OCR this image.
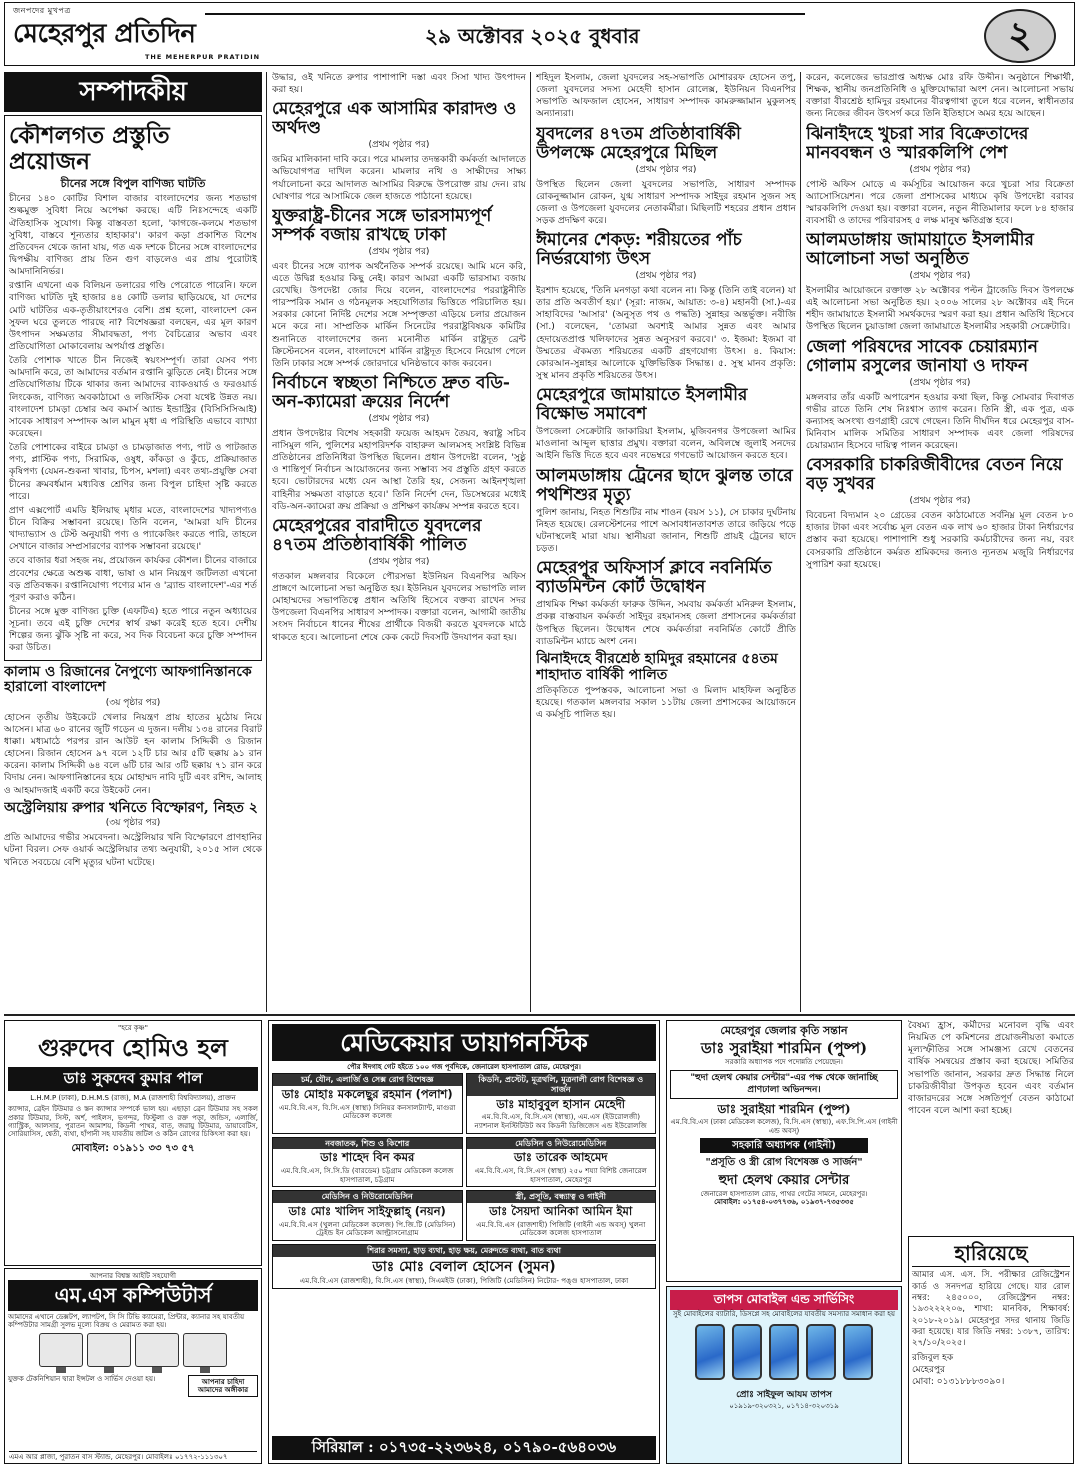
জনপদের মুখপত্র
মেহেরপুর প্রতিদিন
THE MEHERPUR PRATIDIN
২৯ অক্টোবর ২০২৫ বুধবার	২
সম্পাদকীয়
কৌশলগত প্রস্তুতি প্রয়োজন
চীনের সঙ্গে বিপুল বাণিজ্য ঘাটতি

চীনের ১৪০ কোটির বিশাল বাজার বাংলাদেশের জন্য শতভাগ শুল্কমুক্ত সুবিধা নিয়ে অপেক্ষা করছে। এটি নিঃসন্দেহে একটি ঐতিহাসিক সুযোগ। কিন্তু বাস্তবতা হলো, 'কাগজে-কলমে শতভাগ সুবিধা, বাস্তবে শূন্যতার হাহাকার'। কারণ কড়া প্রকাশিত বিশেষ প্রতিবেদন থেকে জানা যায়, গত এক দশকে চীনের সঙ্গে বাংলাদেশের দ্বিপক্ষীয় বাণিজ্য প্রায় তিন গুণ বাড়লেও এর প্রায় পুরোটাই আমদানিনির্ভর।

রপ্তানি এখনো এক বিলিয়ন ডলারের গণ্ডি পেরোতে পারেনি। ফলে বাণিজ্য ঘাটতি দুই হাজার ৪৪ কোটি ডলার ছাড়িয়েছে, যা দেশের মোট ঘাটতির এক-তৃতীয়াংশেরও বেশি। প্রশ্ন হলো, বাংলাদেশ কেন সুফল ঘরে তুলতে পারছে না? বিশেষজ্ঞরা বলছেন, এর মূল কারণ উৎপাদন সক্ষমতার সীমাবদ্ধতা, পণ্য বৈচিত্র্যের অভাব এবং প্রতিযোগিতা মোকাবেলায় অপর্যাপ্ত প্রস্তুতি।

তৈরি পোশাক খাতে চীন নিজেই স্বয়ংসম্পূর্ণ। তারা যেসব পণ্য আমদানি করে, তা আমাদের বর্তমান রপ্তানি ঝুড়িতে নেই। চীনের সঙ্গে প্রতিযোগিতায় টিকে থাকার জন্য আমাদের ব্যাকওয়ার্ড ও ফরওয়ার্ড লিংকেজ, বাণিজ্য অবকাঠামো ও লজিস্টিক সেবা যথেষ্ট উন্নত নয়। বাংলাদেশ চামড়া চেম্বার অব কমার্স অ্যান্ড ইন্ডাস্ট্রির (বিসিসিসিআই) সাবেক সাধারণ সম্পাদক আল মামুন মৃধা এ পরিস্থিতি এভাবে ব্যাখ্যা করেছেন।

তৈরি পোশাকের বাইরে চামড়া ও চামড়াজাত পণ্য, পাট ও পাটজাত পণ্য, প্লাস্টিক পণ্য, সিরামিক, ওষুধ, কাঁকড়া ও কুঁচে, প্রক্রিয়াজাত কৃষিপণ্য (যেমন-শুকনা খাবার, চিপস, মশলা) এবং তথ্য-প্রযুক্তি সেবা চীনের ক্রমবর্ধমান মধ্যবিত্ত শ্রেণির জন্য বিপুল চাহিদা সৃষ্টি করতে পারে।

প্রাণ এক্সপোর্ট এমডি ইলিয়াছ মৃধার মতে, বাংলাদেশের খাদ্যপণ্যও চীনে বিক্রির সম্ভাবনা রয়েছে। তিনি বলেন, 'আমরা যদি চীনের খাদ্যাভ্যাস ও টেস্ট অনুযায়ী পণ্য ও প্যাকেজিং করতে পারি, তাহলে সেখানে বাজার সম্প্রসারণের ব্যাপক সম্ভাবনা রয়েছে।'

তবে বাজার ধরা সহজ নয়, প্রয়োজন কার্যকর কৌশল। চীনের বাজারে প্রবেশের ক্ষেত্রে অশুল্ক বাধা, ভাষা ও মান নিয়ন্ত্রণ জটিলতা এখনো বড় প্রতিবন্ধক। রপ্তানিযোগ্য পণ্যের মান ও 'ব্র্যান্ড বাংলাদেশ'-এর শর্ত পূরণ করাও কঠিন।

চীনের সঙ্গে মুক্ত বাণিজ্য চুক্তি (এফটিএ) হতে পারে নতুন অধ্যায়ের সূচনা। তবে এই চুক্তি দেশের স্বার্থ রক্ষা করেই হতে হবে। দেশীয় শিল্পের জন্য ঝুঁকি সৃষ্টি না করে, সব দিক বিবেচনা করে চুক্তি সম্পাদন করা উচিত।

কালাম ও রিজানের নৈপুণ্যে আফগানিস্তানকে হারালো বাংলাদেশ
(৩য় পৃষ্ঠার পর)

হোসেন তৃতীয় উইকেটে খেলার নিয়ন্ত্রণ প্রায় হাতের মুঠোয় নিয়ে আসেন। মাত্র ৬০ রানের জুটি গড়েন এ দুজন। দলীয় ১৩৪ রানের বিরাট ধাক্কা। মধ্যমাঠে পরপর রান আউট হন কালাম সিদ্দিকী ও রিজান হোসেন। রিজান হোসেন ৯৭ বলে ১২টি চার আর ৫টি ছক্কায় ৯১ রান করেন। কালাম সিদ্দিকী ৬৪ বলে ৬টি চার আর ৩টি ছক্কায় ৭১ রান করে বিদায় নেন। আফগানিস্তানের হয়ে মোহাম্মদ নাবি দুটি এবং রশিদ, আলাহ ও আহমাদজাই একটি করে উইকেট নেন।

অস্ট্রেলিয়ায় রুপার খনিতে বিস্ফোরণ, নিহত ২
(৩য় পৃষ্ঠার পর)

প্রতি আমাদের গভীর সমবেদনা। অস্ট্রেলিয়ার খনি বিস্ফোরণে প্রাণহানির ঘটনা বিরল। সেফ ওয়ার্ক অস্ট্রেলিয়ার তথ্য অনুযায়ী, ২০১৫ সাল থেকে খনিতে সবচেয়ে বেশি মৃত্যুর ঘটনা ঘটেছে।

উদ্ধার, ওই খনিতে রুপার পাশাপাশি দস্তা এবং সিসা খাদ্য উৎপাদন করা হয়।

মেহেরপুরে এক আসামির কারাদণ্ড ও অর্থদণ্ড
(প্রথম পৃষ্ঠার পর)

জমির মালিকানা দাবি করে। পরে মামলার তদন্তকারী কর্মকর্তা আদালতে অভিযোগপত্র দাখিল করেন। মামলার নথি ও সাক্ষীদের সাক্ষ্য পর্যালোচনা করে আদালত আসামির বিরুদ্ধে উপরোক্ত রায় দেন। রায় ঘোষণার পরে আসামিকে জেল হাজতে পাঠানো হয়েছে।

যুক্তরাষ্ট্র-চীনের সঙ্গে ভারসাম্যপূর্ণ সম্পর্ক বজায় রাখছে ঢাকা
(প্রথম পৃষ্ঠার পর)

এবং চীনের সঙ্গে ব্যাপক অর্থনৈতিক সম্পর্ক রয়েছে। আমি মনে করি, এতে উদ্বিগ্ন হওয়ার কিছু নেই। কারণ আমরা একটি ভারসাম্য বজায় রেখেছি। উপদেষ্টা জোর দিয়ে বলেন, বাংলাদেশের পররাষ্ট্রনীতি পারস্পরিক সমান ও গঠনমূলক সহযোগিতার ভিত্তিতে পরিচালিত হয়। সরকার কোনো নির্দিষ্ট দেশের সঙ্গে সম্পৃক্ততা এড়িয়ে চলার প্রয়োজন মনে করে না। সাম্প্রতিক মার্কিন সিনেটের পররাষ্ট্রবিষয়ক কমিটির শুনানিতে বাংলাদেশের জন্য মনোনীত মার্কিন রাষ্ট্রদূত ব্রেন্ট ক্রিস্টেনসেন বলেন, বাংলাদেশে মার্কিন রাষ্ট্রদূত হিসেবে নিয়োগ পেলে তিনি ঢাকার সঙ্গে সম্পর্ক জোরদারে ঘনিষ্ঠভাবে কাজ করবেন।

নির্বাচনে স্বচ্ছতা নিশ্চিতে দ্রুত বডি-অন-ক্যামেরা ক্রয়ের নির্দেশ
(প্রথম পৃষ্ঠার পর)

প্রধান উপদেষ্টার বিশেষ সহকারী ফয়েজ আহমদ তৈয়ব, স্বরাষ্ট্র সচিব নাসিমুল গনি, পুলিশের মহাপরিদর্শক বাহারুল আলমসহ সংশ্লিষ্ট বিভিন্ন প্রতিষ্ঠানের প্রতিনিধিরা উপস্থিত ছিলেন। প্রধান উপদেষ্টা বলেন, 'সুষ্ঠু ও শান্তিপূর্ণ নির্বাচন আয়োজনের জন্য সম্ভাব্য সব প্রস্তুতি গ্রহণ করতে হবে। ভোটারদের মধ্যে যেন আস্থা তৈরি হয়, সেজন্য আইনশৃঙ্খলা বাহিনীর সক্ষমতা বাড়াতে হবে।' তিনি নির্দেশ দেন, ডিসেম্বরের মধ্যেই বডি-অন-ক্যামেরা ক্রয় প্রক্রিয়া ও প্রশিক্ষণ কার্যক্রম সম্পন্ন করতে হবে।

মেহেরপুরের বারাদীতে যুবদলের ৪৭তম প্রতিষ্ঠাবার্ষিকী পালিত
(প্রথম পৃষ্ঠার পর)

গতকাল মঙ্গলবার বিকেলে পৌরসভা ইউনিয়ন বিএনপির অফিস প্রাঙ্গণে আলোচনা সভা অনুষ্ঠিত হয়। ইউনিয়ন যুবদলের সভাপতি লাল মোহাম্মদের সভাপতিত্বে প্রধান অতিথি হিসেবে বক্তব্য রাখেন সদর উপজেলা বিএনপির সাধারণ সম্পাদক। বক্তারা বলেন, আগামী জাতীয় সংসদ নির্বাচনে ধানের শীষের প্রার্থীকে বিজয়ী করতে যুবদলকে মাঠে থাকতে হবে। আলোচনা শেষে কেক কেটে দিবসটি উদযাপন করা হয়।

শহিদুল ইসলাম, জেলা যুবদলের সহ-সভাপতি মোশাররফ হোসেন তপু, জেলা যুবদলের সদস্য মেহেদী হাসান রোলেক্স, ইউনিয়ন বিএনপির সভাপতি আফজাল হোসেন, সাধারণ সম্পাদক কামরুজ্জামান মুকুলসহ অন্যান্যরা।

যুবদলের ৪৭তম প্রতিষ্ঠাবার্ষিকী উপলক্ষে মেহেরপুরে মিছিল
(প্রথম পৃষ্ঠার পর)

উপস্থিত ছিলেন জেলা যুবদলের সভাপতি, সাধারণ সম্পাদক রোকনুজ্জামান রোকন, যুগ্ম সাধারণ সম্পাদক সাইদুর রহমান সুজন সহ জেলা ও উপজেলা যুবদলের নেতাকর্মীরা। মিছিলটি শহরের প্রধান প্রধান সড়ক প্রদক্ষিণ করে।

ঈমানের শেকড়: শরীয়তের পাঁচ নির্ভরযোগ্য উৎস
(প্রথম পৃষ্ঠার পর)

ইরশাদ হয়েছে, 'তিনি মনগড়া কথা বলেন না। কিন্তু (তিনি তাই বলেন) যা তার প্রতি অবতীর্ণ হয়।' (সূরা: নাজম, আয়াত: ৩-৪) মহানবী (সা.)-এর সাহাবিদের 'আসার' (অনুসৃত পথ ও পদ্ধতি) সুন্নাহর অন্তর্ভুক্ত। নবীজি (সা.) বলেছেন, 'তোমরা অবশ্যই আমার সুন্নত এবং আমার হেদায়েতপ্রাপ্ত খলিফাদের সুন্নত অনুসরণ করবে।' ৩. ইজমা: ইজমা বা উম্মতের ঐকমত্য শরিয়তের একটি গ্রহণযোগ্য উৎস। ৪. কিয়াস: কোরআন-সুন্নাহর আলোকে যুক্তিভিত্তিক সিদ্ধান্ত। ৫. সুস্থ মানব প্রকৃতি: সুস্থ মানব প্রকৃতি শরিয়তের উৎস।

মেহেরপুরে জামায়াতে ইসলামীর বিক্ষোভ সমাবেশ

উপজেলা সেক্রেটারি জাকারিয়া ইসলাম, মুজিবনগর উপজেলা আমির মাওলানা আব্দুল ছাত্তার প্রমুখ। বক্তারা বলেন, অবিলম্বে জুলাই সনদের আইনি ভিত্তি দিতে হবে এবং নভেম্বরে গণভোট আয়োজন করতে হবে।

আলমডাঙ্গায় ট্রেনের ছাদে ঝুলন্ত তারে পথশিশুর মৃত্যু

পুলিশ জানায়, নিহত শিশুটির নাম শাওন (বয়স ১১), সে চাকার দুর্ঘটনায় নিহত হয়েছে। রেলস্টেশনের পাশে অসাবধানতাবশত তারে জড়িয়ে পড়ে ঘটনাস্থলেই মারা যায়। স্থানীয়রা জানান, শিশুটি প্রায়ই ট্রেনের ছাদে চড়ত।

মেহেরপুর অফিসার্স ক্লাবে নবনির্মিত ব্যাডমিন্টন কোর্ট উদ্বোধন

প্রাথমিক শিক্ষা কর্মকর্তা ফারুক উদ্দিন, সমবায় কর্মকর্তা মনিরুল ইসলাম, প্রকল্প বাস্তবায়ন কর্মকর্তা সাইদুর রহমানসহ জেলা প্রশাসনের কর্মকর্তারা উপস্থিত ছিলেন। উদ্বোধন শেষে কর্মকর্তারা নবনির্মিত কোর্টে প্রীতি ব্যাডমিন্টন ম্যাচে অংশ নেন।

ঝিনাইদহে বীরশ্রেষ্ঠ হামিদুর রহমানের ৫৪তম শাহাদাত বার্ষিকী পালিত

প্রতিকৃতিতে পুষ্পস্তবক, আলোচনা সভা ও মিলাদ মাহফিল অনুষ্ঠিত হয়েছে। গতকাল মঙ্গলবার সকাল ১১টায় জেলা প্রশাসকের আয়োজনে এ কর্মসূচি পালিত হয়।

করেন, কলেজের ভারপ্রাপ্ত অধ্যক্ষ মোঃ রফি উদ্দীন। অনুষ্ঠানে শিক্ষার্থী, শিক্ষক, স্থানীয় জনপ্রতিনিধি ও মুক্তিযোদ্ধারা অংশ নেন। আলোচনা সভায় বক্তারা বীরশ্রেষ্ঠ হামিদুর রহমানের বীরত্বগাথা তুলে ধরে বলেন, স্বাধীনতার জন্য নিজের জীবন উৎসর্গ করে তিনি ইতিহাসে অমর হয়ে আছেন।

ঝিনাইদহে খুচরা সার বিক্রেতাদের মানববন্ধন ও স্মারকলিপি পেশ
(প্রথম পৃষ্ঠার পর)

পোস্ট অফিস মোড়ে এ কর্মসূচির আয়োজন করে খুচরা সার বিক্রেতা অ্যাসোসিয়েশন। পরে জেলা প্রশাসকের মাধ্যমে কৃষি উপদেষ্টা বরাবর স্মারকলিপি দেওয়া হয়। বক্তারা বলেন, নতুন নীতিমালার ফলে ৮৪ হাজার ব্যবসায়ী ও তাদের পরিবারসহ ৫ লক্ষ মানুষ ক্ষতিগ্রস্ত হবে।

আলমডাঙ্গায় জামায়াতে ইসলামীর আলোচনা সভা অনুষ্ঠিত
(প্রথম পৃষ্ঠার পর)

ইসলামীর আয়োজনে রক্তাক্ত ২৮ অক্টোবর পল্টন ট্রাজেডি দিবস উপলক্ষে এই আলোচনা সভা অনুষ্ঠিত হয়। ২০০৬ সালের ২৮ অক্টোবর এই দিনে শহীদ জামায়াতে ইসলামী সমর্থকদের স্মরণ করা হয়। প্রধান অতিথি হিসেবে উপস্থিত ছিলেন চুয়াডাঙ্গা জেলা জামায়াতে ইসলামীর সহকারী সেক্রেটারি।

জেলা পরিষদের সাবেক চেয়ারম্যান গোলাম রসুলের জানাযা ও দাফন
(প্রথম পৃষ্ঠার পর)

মঙ্গলবার তাঁর একটি অপারেশন হওয়ার কথা ছিল, কিন্তু সোমবার দিবাগত গভীর রাতে তিনি শেষ নিঃশ্বাস ত্যাগ করেন। তিনি স্ত্রী, এক পুত্র, এক কন্যাসহ অসংখ্য গুণগ্রাহী রেখে গেছেন। তিনি দীর্ঘদিন ধরে মেহেরপুর বাস-মিনিবাস মালিক সমিতির সাধারণ সম্পাদক এবং জেলা পরিষদের চেয়ারম্যান হিসেবে দায়িত্ব পালন করেছেন।

বেসরকারি চাকরিজীবীদের বেতন নিয়ে বড় সুখবর
(প্রথম পৃষ্ঠার পর)

বিবেচনা বিদ্যমান ২০ গ্রেডের বেতন কাঠামোতে সর্বনিম্ন মূল বেতন ৮০ হাজার টাকা এবং সর্বোচ্চ মূল বেতন এক লাখ ৬০ হাজার টাকা নির্ধারণের প্রস্তাব করা হয়েছে। পাশাপাশি শুধু সরকারি কর্মচারীদের জন্য নয়, বরং বেসরকারি প্রতিষ্ঠানে কর্মরত শ্রমিকদের জন্যও ন্যূনতম মজুরি নির্ধারণের সুপারিশ করা হয়েছে।

"হরে কৃষ্ণ"
গুরুদেব হোমিও হল
ডাঃ সুকদেব কুমার পাল
L.H.M.P (ঢাকা), D.H.M.S (রাজ), M.A (রাজশাহী বিশ্ববিদ্যালয়), প্রাক্তন

ক্যান্সার, ব্রেইন টিউমার ও স্তন ক্যান্সার সম্পর্কে ভাল হয়। এছাড়া ব্রেন টিউমার সহ সকল প্রকার টিউমার, সিস্ট, অর্শ, পাইলস, ভগন্দর, ফিস্টুলা ও রক্ত পড়া, জন্ডিস, এলার্জি, গ্যাস্ট্রিক, আলসার, পুরাতন আমাশয়, কিডনী পাথর, বাত, জরায়ু টিউমার, ডায়াবেটিস, সোরিয়াসিস, শ্বেতী, ব্যথা, হাঁপানী সহ যাবতীয় জটিল ও কঠিন রোগের চিকিৎসা করা হয়।

মোবাইল: ০১৯১১ ৩৩ ৭৩ ৫৭
আপনার বিশ্বস্ত আইটি সহযোগী
এম.এস কম্পিউটার্স

আমাদের এখানে ডেক্সটপ, ল্যাপটপ, সি সি টিভি ক্যামেরা, প্রিন্টার, ক্যানার সহ যাবতীয় কম্পিউটার সামগ্রী সুলভ মূল্যে বিক্রয় ও মেরামত করা হয়।

যুক্তক টেকনিশিয়ান দ্বারা ইন্সটল ও সার্ভিস দেওয়া হয়।	আপনার চাহিদা আমাদের অঙ্গীকার
এমএ আর প্লাজা, পুরাতন বাস স্ট্যান্ড, মেহেরপুর। মোবাইলঃ ০১৭৭২-১১১৩০৭
মেডিকেয়ার ডায়াগনস্টিক
পৌর ঈদগাহ গেট হইতে ১০০ গজ পূর্বদিকে, জেনারেল হাসপাতাল রোড, মেহেরপুর।
চর্ম, যৌন, এলার্জি ও সেক্স রোগ বিশেষজ্ঞ
ডাঃ মোহাঃ মকলেছুর রহমান (পলাশ)
এম.বি.বি.এস, বি.সি.এস (স্বাস্থ্য) সিনিয়র কনসালট্যান্ট, মাগুরা মেডিকেল কলেজ
কিডনি, প্রস্টেট, মূত্রথলি, মূত্রনালী রোগ বিশেষজ্ঞ ও সার্জন
ডাঃ মাহাবুবুল হাসান মেহেদী
এম.বি.বি.এস, বি.সি.এস (স্বাস্থ্য), এম.এস (ইউরোলজী) ন্যাশনাল ইনস্টিটিউট অব কিডনী ডিজিজেস এন্ড ইউরোলজি
নবজাতক, শিশু ও কিশোর
ডাঃ শাহেদ বিন কমর
এম.বি.বি.এস, সি.সি.ডি (বারডেম) চট্টগ্রাম মেডিকেল কলেজ হাসপাতাল, চট্টগ্রাম
মেডিসিন ও নিউরোমেডিসিন
ডাঃ তারেক আহমেদ
এম.বি.বি.এস, বি.সি.এস (স্বাস্থ্য) ২৫০ শয্যা বিশিষ্ট জেনারেল হাসপাতাল, মেহেরপুর
মেডিসিন ও নিউরোমেডিসিন
ডাঃ মোঃ খালিদ সাইফুল্লাহ্ (নয়ন)
এম.বি.বি.এস (খুলনা মেডিকেল কলেজ) পি.জি.টি (মেডিসিন) ট্রেইন্ড ইন মেডিকেল আল্ট্রাসনোগ্রাম
স্ত্রী, প্রসূতি, বন্ধ্যাত্ব ও গাইনী
ডাঃ সৈয়দা আনিকা আমিন ইমা
এম.বি.বি.এস (রাজশাহী) পিজিটি (গাইনী এন্ড অবস্) খুলনা মেডিকেল কলেজ হাসপাতাল
শিরার সমস্যা, হাড় ব্যথা, হাড় ক্ষয়, মেরুদন্ডে ব্যথা, বাত ব্যথা
ডাঃ মোঃ বেলাল হোসেন (সুমন)
এম.বি.বি.এস (রাজশাহী), বি.সি.এস (স্বাস্থ্য), সিএমইউ (ঢাকা), পিজিটি (মেডিসিন) নিটোর- পঙ্গু হাসপাতাল, ঢাকা
সিরিয়াল : ০১৭৩৫-২২৩৬২৪, ০১৭৯০-৫৬৪০৩৬
মেহেরপুর জেলার কৃতি সন্তান
ডাঃ সুরাইয়া শারমিন (পুষ্প)
সরকারি অধ্যাপক পদে পদোন্নতি পেয়েছেন।
"হুদা হেলথ কেয়ার সেন্টার"-এর পক্ষ থেকে জানাচ্ছি প্রাণঢালা অভিনন্দন।
ডাঃ সুরাইয়া শারমিন (পুষ্প)
এম.বি.বি.এস (ঢাকা মেডিকেল কলেজ), বি.সি.এস (স্বাস্থ্য), এফ.সি.পি.এস (গাইনী এন্ড অবস্)
সহকারি অধ্যাপক (গাইনী)
"প্রসূতি ও স্ত্রী রোগ বিশেষজ্ঞ ও সার্জন"
হুদা হেলথ কেয়ার সেন্টার
জেনারেল হাসপাতাল রোড, পাথর গেটের সামনে, মেহেরপুর।
মোবাইল: ০১৭৫৪-০৩৭৭৩৬, ০১৯৩৭-৭৩৫৩৩৫
তাপস মোবাইল এন্ড সার্ভিসিং
সুই মোবাইলের ব্যাটারি, ডিসপ্লে সহ মোবাইলের যাবতীয় সমস্যার সমাধান করা হয়

প্রোঃ সাইফুল আযম তাপস
০১৯১৯-৩২০৩২১, ০১৭১৪-৩২০৩১৯

বৈষম্য হ্রাস, কর্মীদের মনোবল বৃদ্ধি এবং নিয়মিত পে কমিশনের প্রয়োজনীয়তা কমাতে মূল্যস্ফীতির সঙ্গে সামঞ্জস্য রেখে বেতনের বার্ষিক সমন্বয়ের প্রস্তাব করা হয়েছে। সমিতির সভাপতি জানান, সরকার দ্রুত সিদ্ধান্ত নিলে চাকরিজীবীরা উপকৃত হবেন এবং বর্তমান বাজারদরের সঙ্গে সঙ্গতিপূর্ণ বেতন কাঠামো পাবেন বলে আশা করা হচ্ছে।

হারিয়েছে

আমার এস. এস. সি. পরীক্ষার রেজিস্ট্রেশন কার্ড ও সনদপত্র হারিয়ে গেছে। যার রোল নম্বর: ২৪৫০০০, রেজিস্ট্রেশন নম্বর: ১৯৩২২২২০৬, শাখা: মানবিক, শিক্ষাবর্ষ: ২০১৮-২০১৯। মেহেরপুর সদর থানায় জিডি করা হয়েছে। যার জিডি নম্বর: ১৩৮৭, তারিখ: ২৭/১০/২০২৫।

রজিবুল হক
মেহেরপুর
মোবা: ০১৩১৮৮৮৩০৯০।
